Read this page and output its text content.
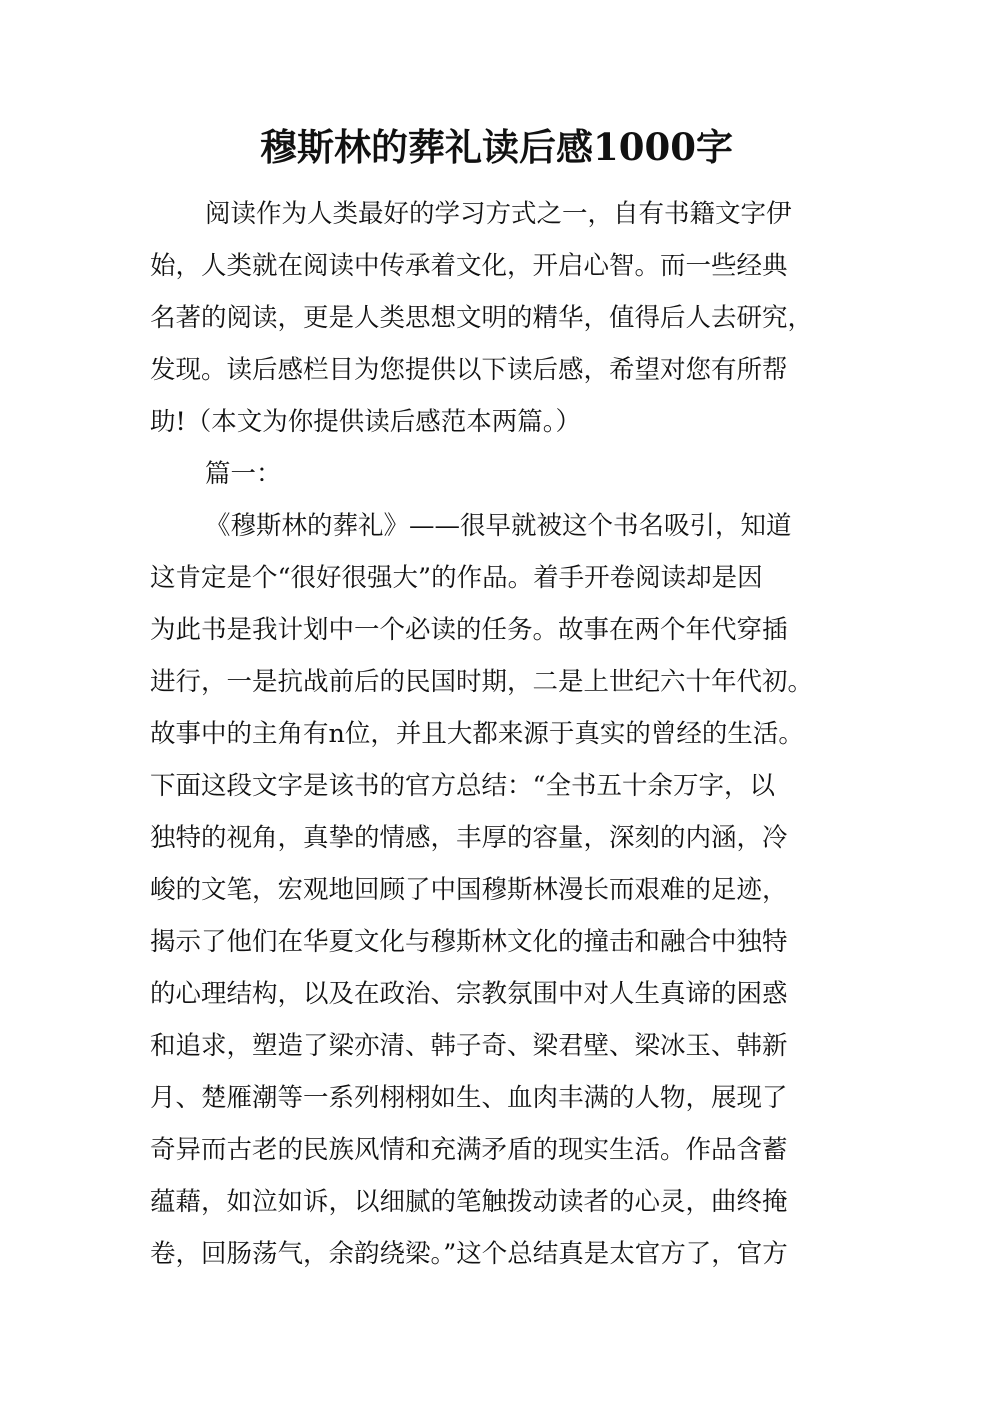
穆斯林的葬礼读后感1000字
阅读作为人类最好的学习方式之一，自有书籍文字伊
始，人类就在阅读中传承着文化，开启心智。而一些经典
名著的阅读，更是人类思想文明的精华，值得后人去研究，
发现。读后感栏目为您提供以下读后感，希望对您有所帮
助!（本文为你提供读后感范本两篇。）
篇一：
《穆斯林的葬礼》——很早就被这个书名吸引，知道
这肯定是个“很好很强大”的作品。着手开卷阅读却是因
为此书是我计划中一个必读的任务。故事在两个年代穿插
进行，一是抗战前后的民国时期，二是上世纪六十年代初。
故事中的主角有n位，并且大都来源于真实的曾经的生活。
下面这段文字是该书的官方总结：“全书五十余万字，以
独特的视角，真挚的情感，丰厚的容量，深刻的内涵，冷
峻的文笔，宏观地回顾了中国穆斯林漫长而艰难的足迹，
揭示了他们在华夏文化与穆斯林文化的撞击和融合中独特
的心理结构，以及在政治、宗教氛围中对人生真谛的困惑
和追求，塑造了梁亦清、韩子奇、梁君壁、梁冰玉、韩新
月、楚雁潮等一系列栩栩如生、血肉丰满的人物，展现了
奇异而古老的民族风情和充满矛盾的现实生活。作品含蓄
蕴藉，如泣如诉，以细腻的笔触拨动读者的心灵，曲终掩
卷，回肠荡气，余韵绕梁。”这个总结真是太官方了，官方
